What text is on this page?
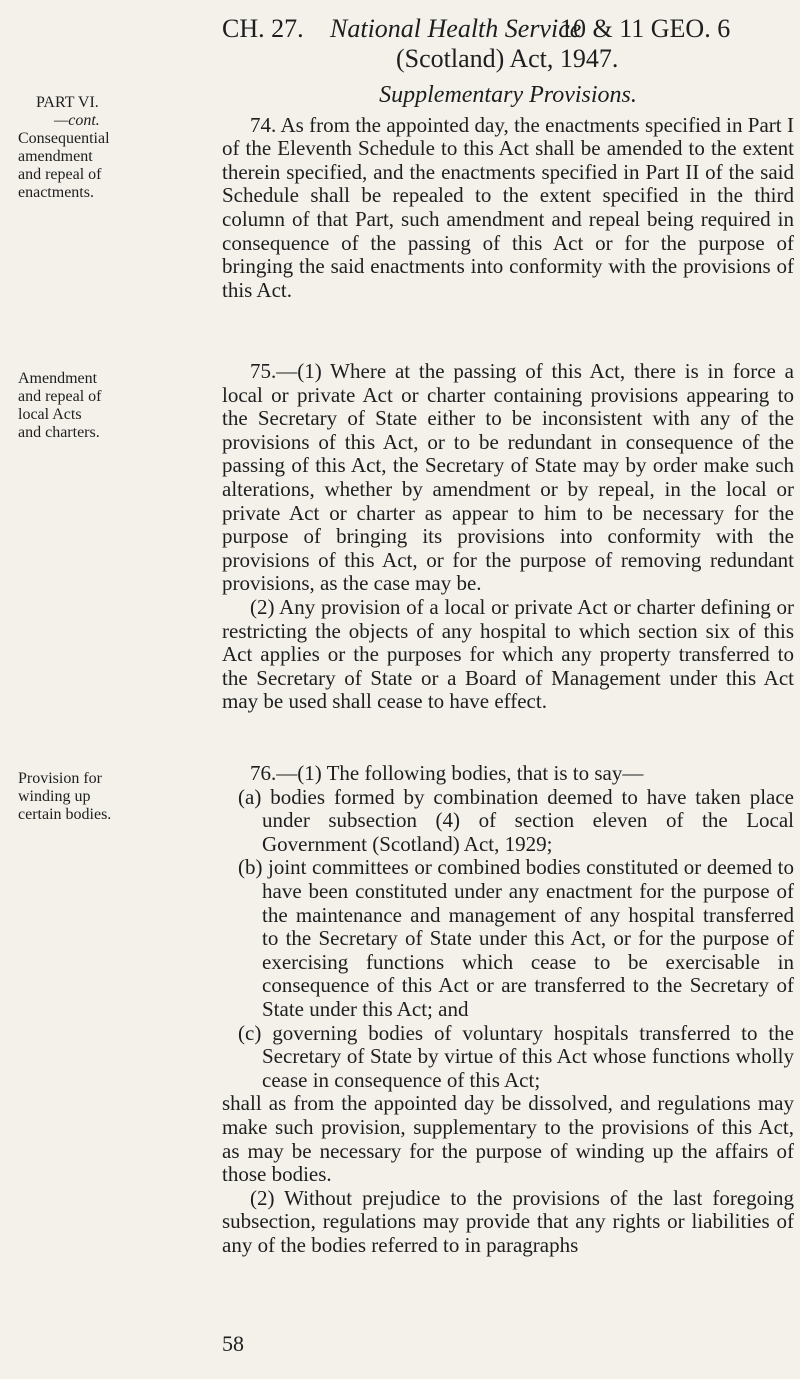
CH. 27. National Health Service
10 & 11 GEO. 6
(Scotland) Act, 1947.
PART VI.
—cont.
Consequential
amendment
and repeal of
enactments.
Amendment
and repeal of
local Acts
and charters.
Provision for
winding up
certain bodies.
Supplementary Provisions.

74. As from the appointed day, the enactments specified in Part I of the Eleventh Schedule to this Act shall be amended to the extent therein specified, and the enactments specified in Part II of the said Schedule shall be repealed to the extent specified in the third column of that Part, such amendment and repeal being required in consequence of the passing of this Act or for the purpose of bringing the said enactments into conformity with the provisions of this Act.

75.—(1) Where at the passing of this Act, there is in force a local or private Act or charter containing provisions appearing to the Secretary of State either to be inconsistent with any of the provisions of this Act, or to be redundant in consequence of the passing of this Act, the Secretary of State may by order make such alterations, whether by amendment or by repeal, in the local or private Act or charter as appear to him to be necessary for the purpose of bringing its provisions into conformity with the provisions of this Act, or for the purpose of removing redundant provisions, as the case may be.

(2) Any provision of a local or private Act or charter defining or restricting the objects of any hospital to which section six of this Act applies or the purposes for which any property transferred to the Secretary of State or a Board of Management under this Act may be used shall cease to have effect.

76.—(1) The following bodies, that is to say—

(a) bodies formed by combination deemed to have taken place under subsection (4) of section eleven of the Local Government (Scotland) Act, 1929;

(b) joint committees or combined bodies constituted or deemed to have been constituted under any enactment for the purpose of the maintenance and management of any hospital transferred to the Secretary of State under this Act, or for the purpose of exercising functions which cease to be exercisable in consequence of this Act or are transferred to the Secretary of State under this Act; and

(c) governing bodies of voluntary hospitals transferred to the Secretary of State by virtue of this Act whose functions wholly cease in consequence of this Act;

shall as from the appointed day be dissolved, and regulations may make such provision, supplementary to the provisions of this Act, as may be necessary for the purpose of winding up the affairs of those bodies.

(2) Without prejudice to the provisions of the last foregoing subsection, regulations may provide that any rights or liabilities of any of the bodies referred to in paragraphs

58
